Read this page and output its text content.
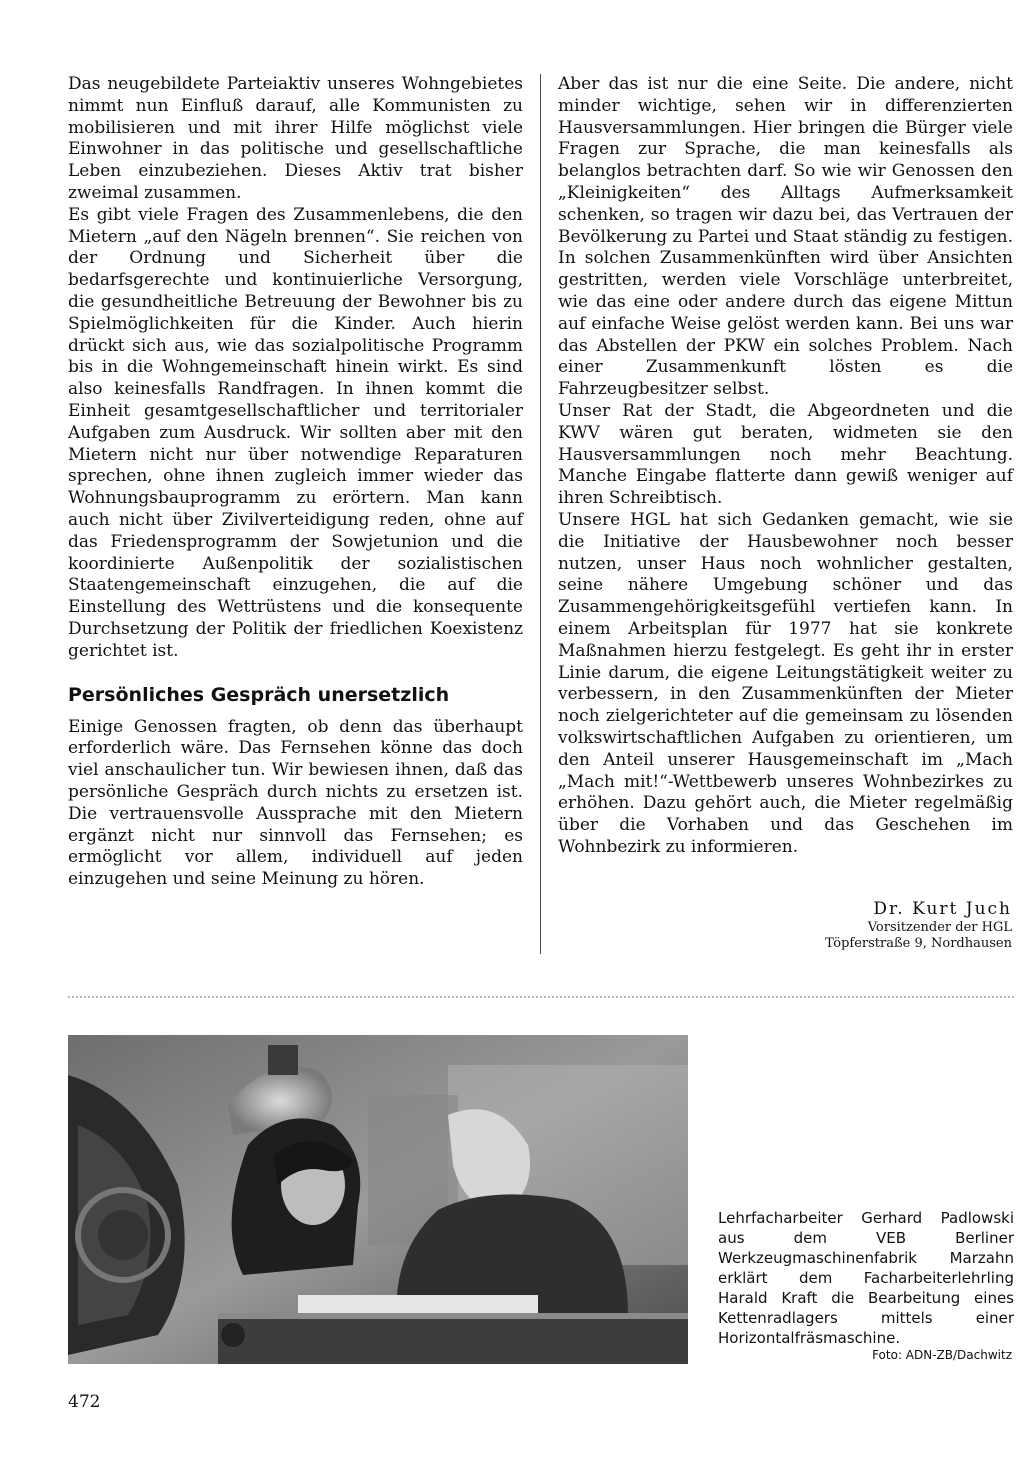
Das neugebildete Parteiaktiv unseres Wohngebietes nimmt nun Einfluß darauf, alle Kommunisten zu mobilisieren und mit ihrer Hilfe möglichst viele Einwohner in das politische und gesellschaftliche Leben einzubeziehen. Dieses Aktiv trat bisher zweimal zusammen.

Es gibt viele Fragen des Zusammenlebens, die den Mietern „auf den Nägeln brennen“. Sie reichen von der Ordnung und Sicherheit über die bedarfsgerechte und kontinuierliche Versorgung, die gesundheitliche Betreuung der Bewohner bis zu Spielmöglichkeiten für die Kinder. Auch hierin drückt sich aus, wie das sozialpolitische Programm bis in die Wohngemeinschaft hinein wirkt. Es sind also keinesfalls Randfragen. In ihnen kommt die Einheit gesamtgesellschaftlicher und territorialer Aufgaben zum Ausdruck. Wir sollten aber mit den Mietern nicht nur über notwendige Reparaturen sprechen, ohne ihnen zugleich immer wieder das Wohnungsbauprogramm zu erörtern. Man kann auch nicht über Zivilverteidigung reden, ohne auf das Friedensprogramm der Sowjetunion und die koordinierte Außenpolitik der sozialistischen Staatengemeinschaft einzugehen, die auf die Einstellung des Wettrüstens und die konsequente Durchsetzung der Politik der friedlichen Koexistenz gerichtet ist.

Persönliches Gespräch unersetzlich

Einige Genossen fragten, ob denn das überhaupt erforderlich wäre. Das Fernsehen könne das doch viel anschaulicher tun. Wir bewiesen ihnen, daß das persönliche Gespräch durch nichts zu ersetzen ist. Die vertrauensvolle Aussprache mit den Mietern ergänzt nicht nur sinnvoll das Fernsehen; es ermöglicht vor allem, individuell auf jeden einzugehen und seine Meinung zu hören.

Aber das ist nur die eine Seite. Die andere, nicht minder wichtige, sehen wir in differenzierten Hausversammlungen. Hier bringen die Bürger viele Fragen zur Sprache, die man keinesfalls als belanglos betrachten darf. So wie wir Genossen den „Kleinigkeiten“ des Alltags Aufmerksamkeit schenken, so tragen wir dazu bei, das Vertrauen der Bevölkerung zu Partei und Staat ständig zu festigen. In solchen Zusammenkünften wird über Ansichten gestritten, werden viele Vorschläge unterbreitet, wie das eine oder andere durch das eigene Mittun auf einfache Weise gelöst werden kann. Bei uns war das Abstellen der PKW ein solches Problem. Nach einer Zusammenkunft lösten es die Fahrzeugbesitzer selbst.

Unser Rat der Stadt, die Abgeordneten und die KWV wären gut beraten, widmeten sie den Hausversammlungen noch mehr Beachtung. Manche Eingabe flatterte dann gewiß weniger auf ihren Schreibtisch.

Unsere HGL hat sich Gedanken gemacht, wie sie die Initiative der Hausbewohner noch besser nutzen, unser Haus noch wohnlicher gestalten, seine nähere Umgebung schöner und das Zusammengehörigkeitsgefühl vertiefen kann. In einem Arbeitsplan für 1977 hat sie konkrete Maßnahmen hierzu festgelegt. Es geht ihr in erster Linie darum, die eigene Leitungstätigkeit weiter zu verbessern, in den Zusammenkünften der Mieter noch zielgerichteter auf die gemeinsam zu lösenden volkswirtschaftlichen Aufgaben zu orientieren, um den Anteil unserer Hausgemeinschaft im „Mach „Mach mit!“-Wettbewerb unseres Wohnbezirkes zu erhöhen. Dazu gehört auch, die Mieter regelmäßig über die Vorhaben und das Geschehen im Wohnbezirk zu informieren.

Dr. Kurt Juch
Vorsitzender der HGL
Töpferstraße 9, Nordhausen
Lehrfacharbeiter Gerhard Padlowski aus dem VEB Berliner Werkzeugmaschinenfabrik Marzahn erklärt dem Facharbeiterlehrling Harald Kraft die Bearbeitung eines Kettenradlagers mittels einer Horizontalfräsmaschine.
Foto: ADN-ZB/Dachwitz
472
